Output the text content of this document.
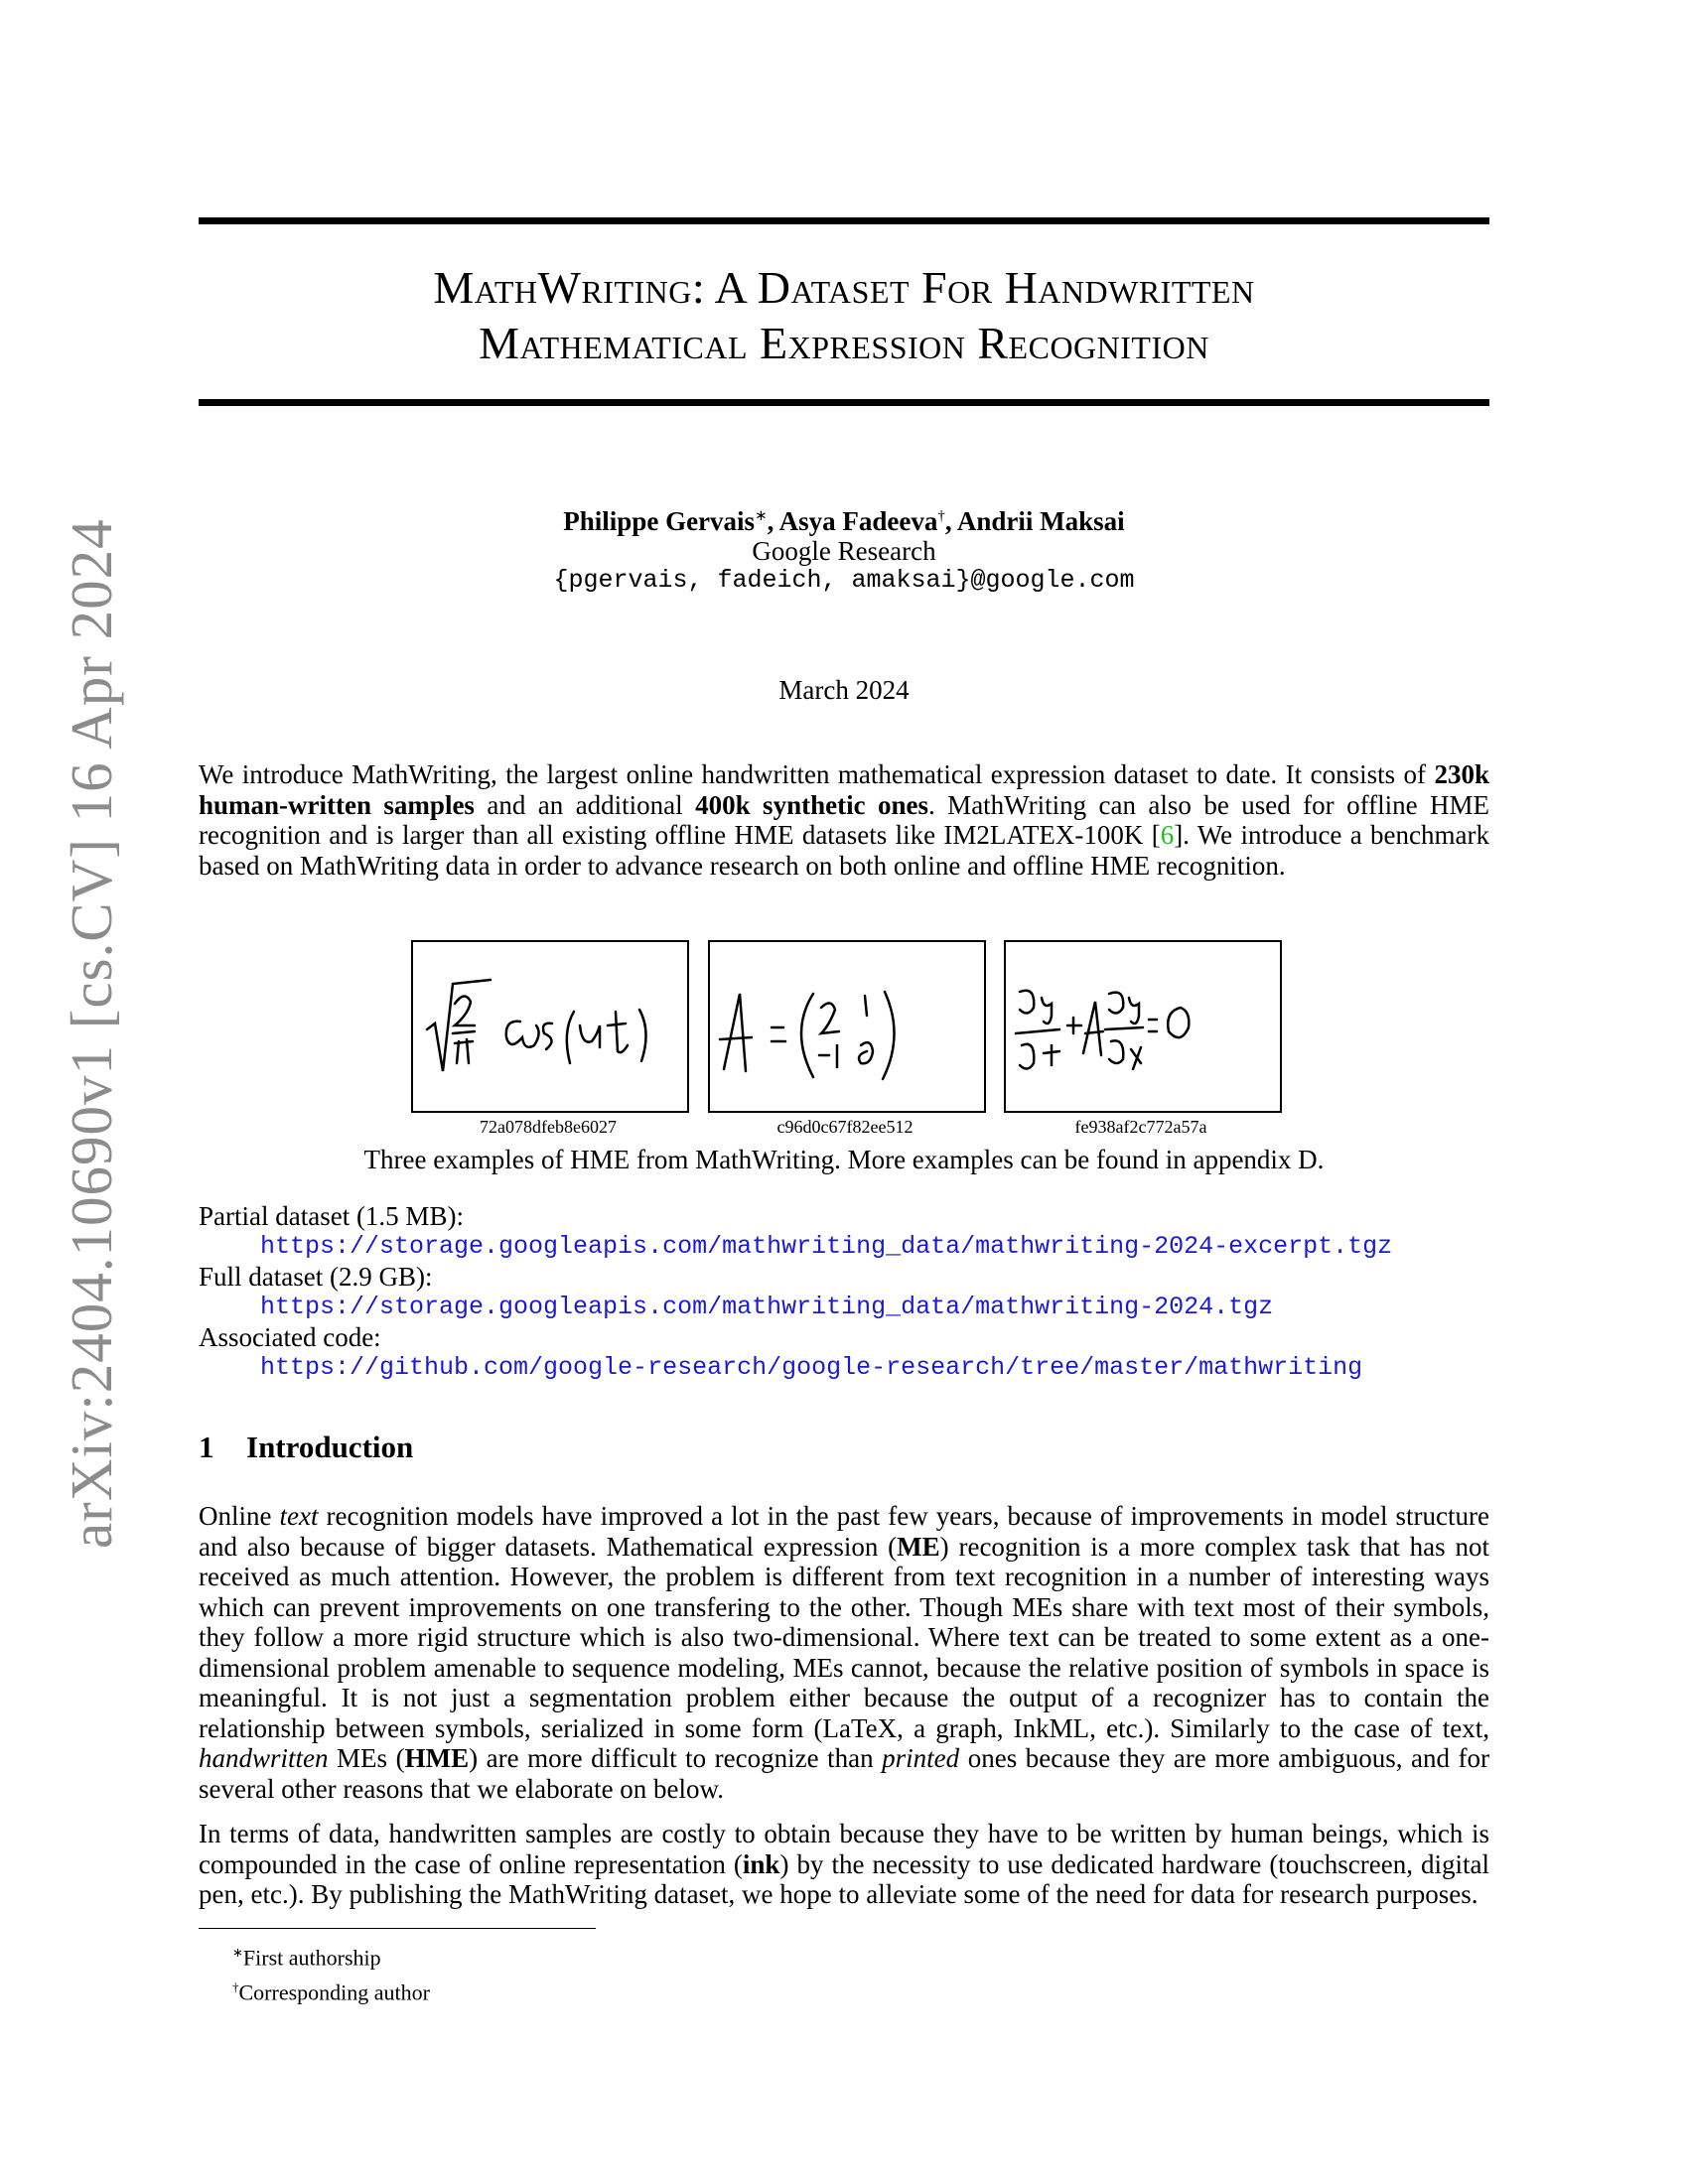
arXiv:2404.10690v1 [cs.CV] 16 Apr 2024
MathWriting: A Dataset For Handwritten
Mathematical Expression Recognition
Philippe Gervais∗, Asya Fadeeva†, Andrii Maksai
Google Research
{pgervais, fadeich, amaksai}@google.com
March 2024
We introduce MathWriting, the largest online handwritten mathematical expression dataset to date. It consists of 230k human-written samples and an additional 400k synthetic ones. MathWriting can also be used for offline HME recognition and is larger than all existing offline HME datasets like IM2LATEX-100K [6]. We introduce a benchmark based on MathWriting data in order to advance research on both online and offline HME recognition.
72a078dfeb8e6027	c96d0c67f82ee512	fe938af2c772a57a
Three examples of HME from MathWriting. More examples can be found in appendix D.
Partial dataset (1.5 MB):
https://storage.googleapis.com/mathwriting_data/mathwriting-2024-excerpt.tgz
Full dataset (2.9 GB):
https://storage.googleapis.com/mathwriting_data/mathwriting-2024.tgz
Associated code:
https://github.com/google-research/google-research/tree/master/mathwriting
1 Introduction
Online text recognition models have improved a lot in the past few years, because of improvements in model structure and also because of bigger datasets. Mathematical expression (ME) recognition is a more complex task that has not received as much attention. However, the problem is different from text recognition in a number of interesting ways which can prevent improvements on one transfering to the other. Though MEs share with text most of their symbols, they follow a more rigid structure which is also two-dimensional. Where text can be treated to some extent as a one-dimensional problem amenable to sequence modeling, MEs cannot, because the relative position of symbols in space is meaningful. It is not just a segmentation problem either because the output of a recognizer has to contain the relationship between symbols, serialized in some form (LaTeX, a graph, InkML, etc.). Similarly to the case of text, handwritten MEs (HME) are more difficult to recognize than printed ones because they are more ambiguous, and for several other reasons that we elaborate on below.
In terms of data, handwritten samples are costly to obtain because they have to be written by human beings, which is compounded in the case of online representation (ink) by the necessity to use dedicated hardware (touchscreen, digital pen, etc.). By publishing the MathWriting dataset, we hope to alleviate some of the need for data for research purposes.
∗First authorship
†Corresponding author
